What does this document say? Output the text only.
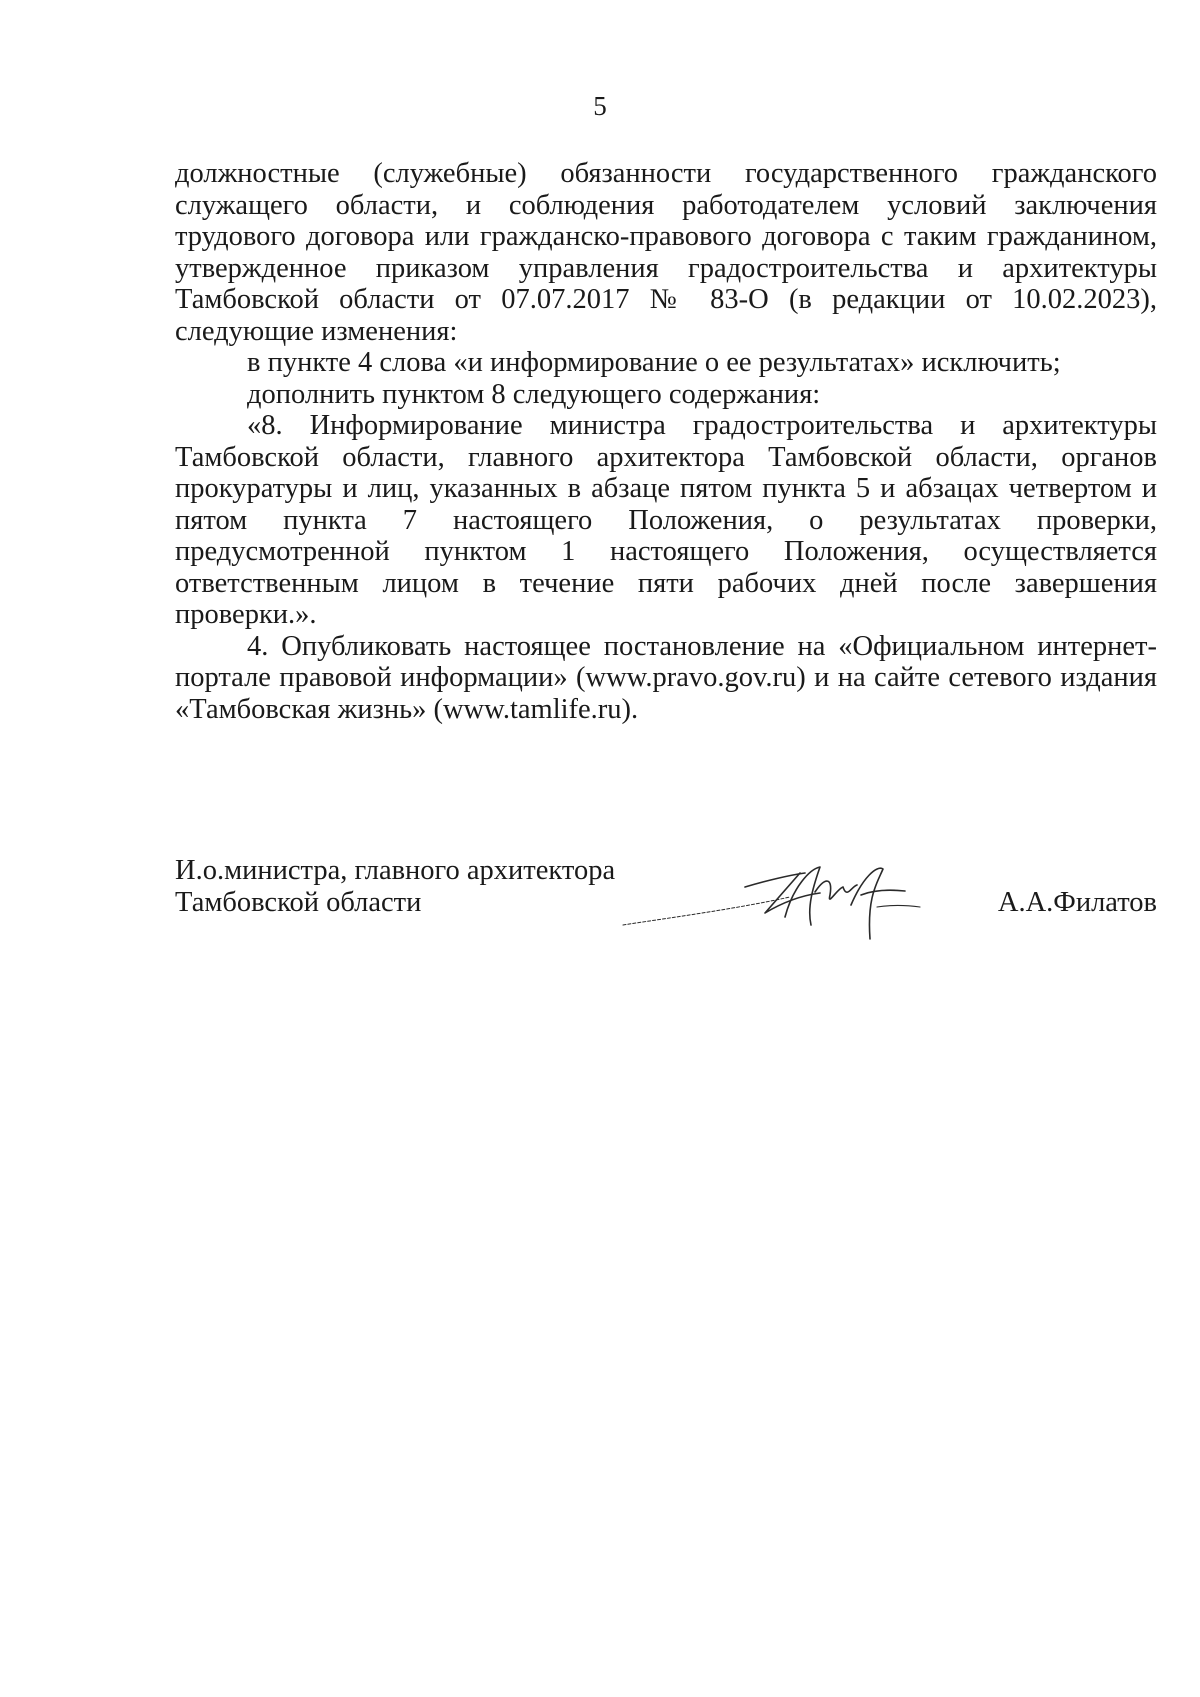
5

должностные (служебные) обязанности государственного гражданского служащего области, и соблюдения работодателем условий заключения трудового договора или гражданско-правового договора с таким гражданином, утвержденное приказом управления градостроительства и архитектуры Тамбовской области от 07.07.2017 № 83-О (в редакции от 10.02.2023), следующие изменения:

в пункте 4 слова «и информирование о ее результатах» исключить;

дополнить пунктом 8 следующего содержания:

«8. Информирование министра градостроительства и архитектуры Тамбовской области, главного архитектора Тамбовской области, органов прокуратуры и лиц, указанных в абзаце пятом пункта 5 и абзацах четвертом и пятом пункта 7 настоящего Положения, о результатах проверки, предусмотренной пунктом 1 настоящего Положения, осуществляется ответственным лицом в течение пяти рабочих дней после завершения проверки.».

4. Опубликовать настоящее постановление на «Официальном интернет-портале правовой информации» (www.pravo.gov.ru) и на сайте сетевого издания «Тамбовская жизнь» (www.tamlife.ru).

И.о.министра, главного архитектора
Тамбовской области	А.А.Филатов
